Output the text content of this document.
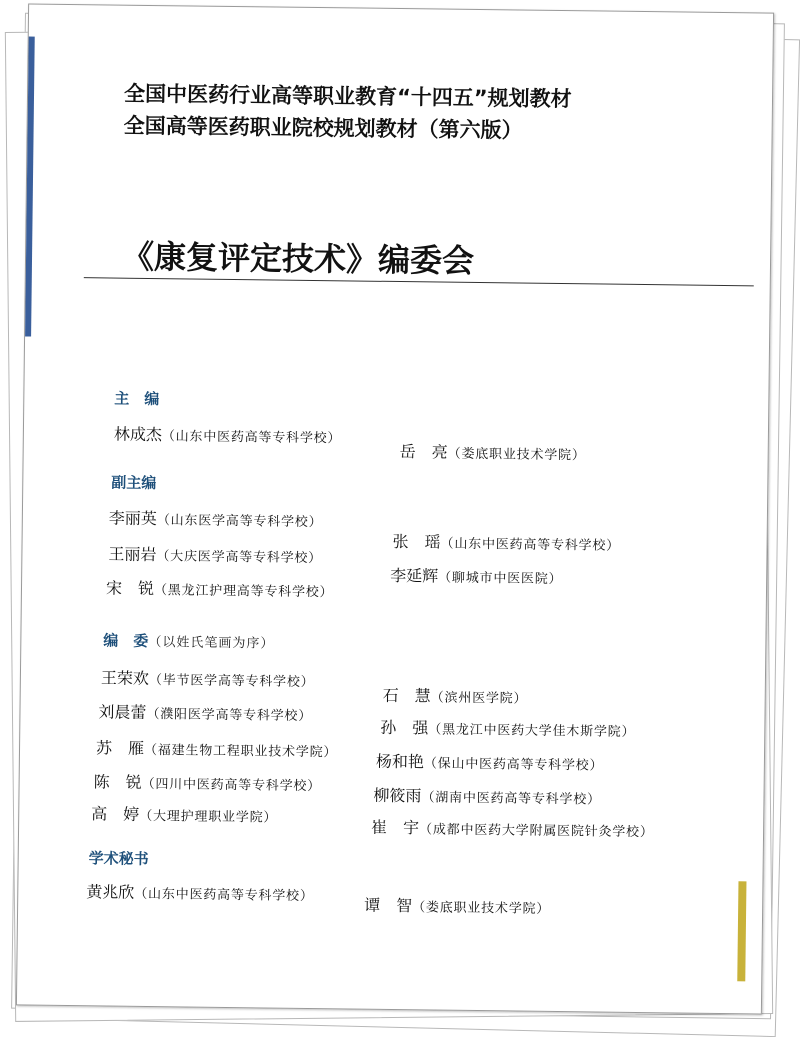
全国中医药行业高等职业教育“十四五”规划教材
全国高等医药职业院校规划教材（第六版）
《康复评定技术》编委会
主　编
林成杰（山东中医药高等专科学校）
岳　亮（娄底职业技术学院）
副主编
李丽英（山东医学高等专科学校）
王丽岩（大庆医学高等专科学校）
宋　锐（黑龙江护理高等专科学校）
张　瑶（山东中医药高等专科学校）
李延辉（聊城市中医医院）
编　委（以姓氏笔画为序）
王荣欢（毕节医学高等专科学校）
刘晨蕾（濮阳医学高等专科学校）
苏　雁（福建生物工程职业技术学院）
陈　锐（四川中医药高等专科学校）
高　婷（大理护理职业学院）
石　慧（滨州医学院）
孙　强（黑龙江中医药大学佳木斯学院）
杨和艳（保山中医药高等专科学校）
柳筱雨（湖南中医药高等专科学校）
崔　宇（成都中医药大学附属医院针灸学校）
学术秘书
黄兆欣（山东中医药高等专科学校）
谭　智（娄底职业技术学院）
